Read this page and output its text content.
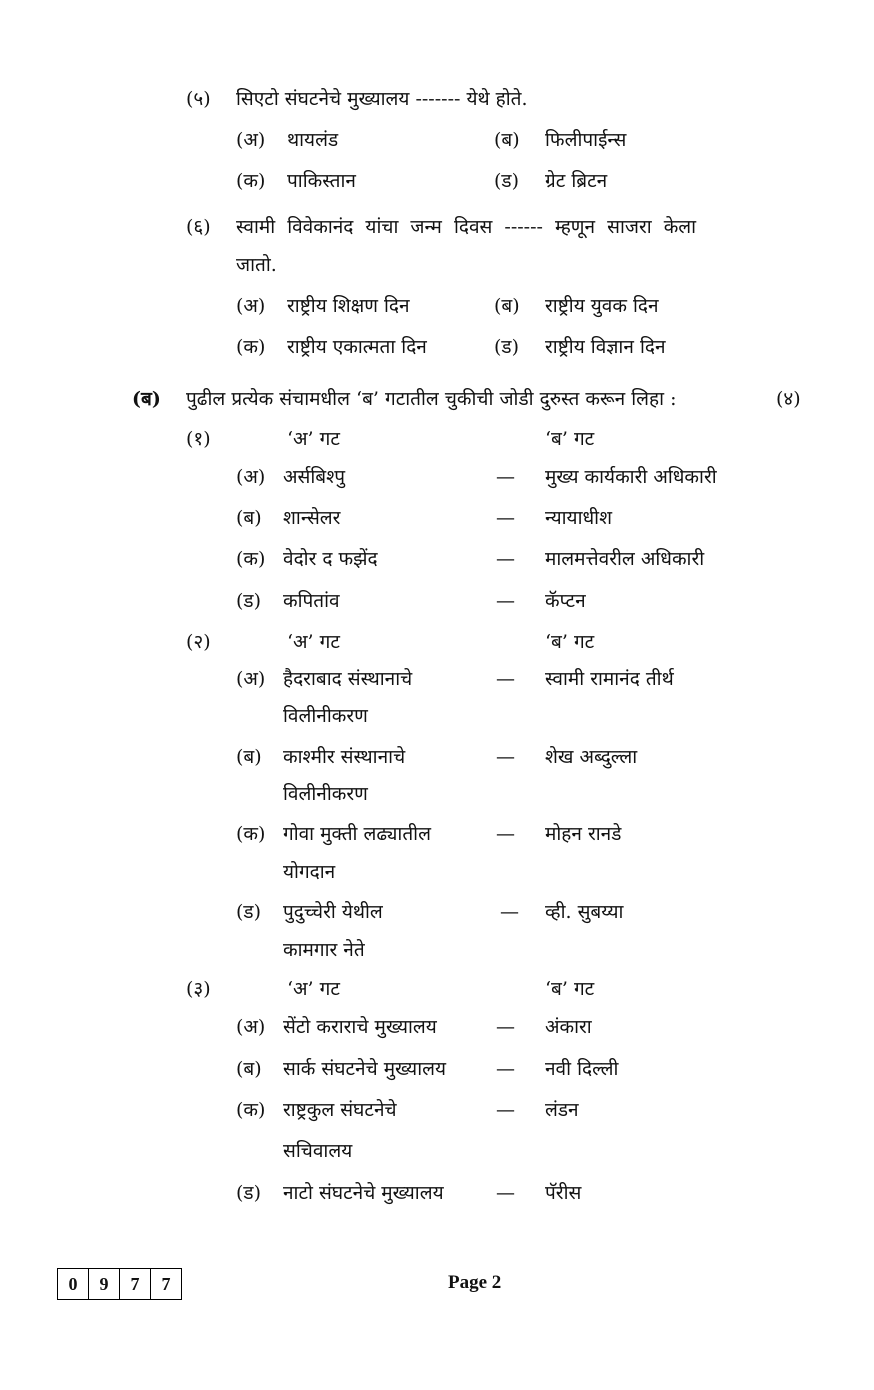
(५) सिएटो संघटनेचे मुख्यालय ------- येथे होते.
(अ) थायलंड	(ब) फिलीपाईन्स
(क) पाकिस्तान	(ड) ग्रेट ब्रिटन
(६) स्वामी विवेकानंद यांचा जन्म दिवस ------ म्हणून साजरा केला
जातो.
(अ) राष्ट्रीय शिक्षण दिन	(ब) राष्ट्रीय युवक दिन
(क) राष्ट्रीय एकात्मता दिन	(ड) राष्ट्रीय विज्ञान दिन
(ब) पुढील प्रत्येक संचामधील ‘ब’ गटातील चुकीची जोडी दुरुस्त करून लिहा :	(४)
(१)	‘अ’ गट	‘ब’ गट
(अ) अर्सबिश्पु	— मुख्य कार्यकारी अधिकारी
(ब) शान्सेलर	— न्यायाधीश
(क) वेदोर द फझेंद	— मालमत्तेवरील अधिकारी
(ड) कपितांव	— कॅप्टन
(२)	‘अ’ गट	‘ब’ गट
(अ) हैदराबाद संस्थानाचे
विलीनीकरण
— स्वामी रामानंद तीर्थ
(ब) काश्मीर संस्थानाचे
विलीनीकरण
— शेख अब्दुल्ला
(क) गोवा मुक्ती लढ्यातील
योगदान
— मोहन रानडे
(ड) पुदुच्चेरी येथील
कामगार नेते
— व्ही. सुबय्या
(३)	‘अ’ गट	‘ब’ गट
(अ) सेंटो कराराचे मुख्यालय	— अंकारा
(ब) सार्क संघटनेचे मुख्यालय	— नवी दिल्ली
(क) राष्ट्रकुल संघटनेचे
सचिवालय
— लंडन
(ड) नाटो संघटनेचे मुख्यालय	— पॅरीस
0	9	7	7	Page 2
